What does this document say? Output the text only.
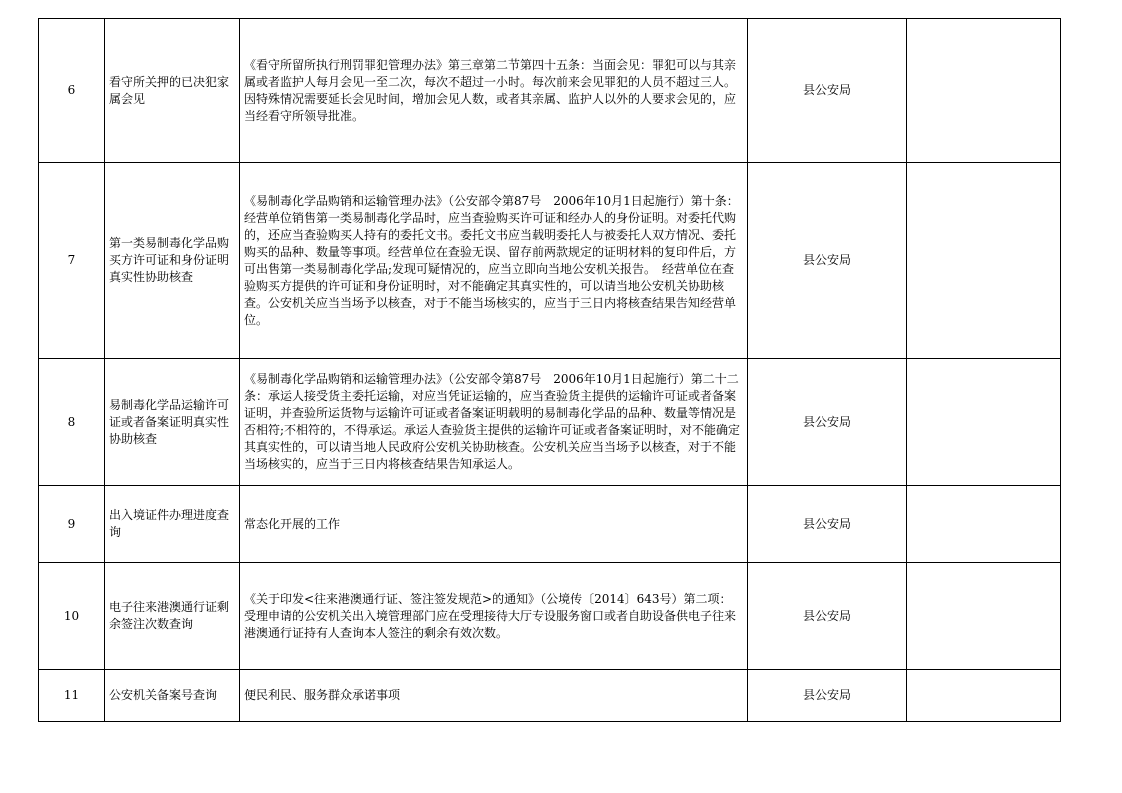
6	看守所关押的已决犯家属会见	《看守所留所执行刑罚罪犯管理办法》第三章第二节第四十五条：当面会见：罪犯可以与其亲属或者监护人每月会见一至二次，每次不超过一小时。每次前来会见罪犯的人员不超过三人。因特殊情况需要延长会见时间，增加会见人数，或者其亲属、监护人以外的人要求会见的，应当经看守所领导批准。	县公安局	
7	第一类易制毒化学品购买方许可证和身份证明真实性协助核查	《易制毒化学品购销和运输管理办法》（公安部令第87号　2006年10月1日起施行）第十条：经营单位销售第一类易制毒化学品时，应当查验购买许可证和经办人的身份证明。对委托代购的，还应当查验购买人持有的委托文书。委托文书应当载明委托人与被委托人双方情况、委托购买的品种、数量等事项。经营单位在查验无误、留存前两款规定的证明材料的复印件后，方可出售第一类易制毒化学品;发现可疑情况的，应当立即向当地公安机关报告。　经营单位在查验购买方提供的许可证和身份证明时，对不能确定其真实性的，可以请当地公安机关协助核查。公安机关应当当场予以核查，对于不能当场核实的，应当于三日内将核查结果告知经营单位。	县公安局	
8	易制毒化学品运输许可证或者备案证明真实性协助核查	《易制毒化学品购销和运输管理办法》（公安部令第87号　2006年10月1日起施行）第二十二条：承运人接受货主委托运输，对应当凭证运输的，应当查验货主提供的运输许可证或者备案证明，并查验所运货物与运输许可证或者备案证明载明的易制毒化学品的品种、数量等情况是否相符;不相符的，不得承运。承运人查验货主提供的运输许可证或者备案证明时，对不能确定其真实性的，可以请当地人民政府公安机关协助核查。公安机关应当当场予以核查，对于不能当场核实的，应当于三日内将核查结果告知承运人。	县公安局	
9	出入境证件办理进度查询	常态化开展的工作	县公安局	
10	电子往来港澳通行证剩余签注次数查询	《关于印发<往来港澳通行证、签注签发规范>的通知》（公境传〔2014〕643号）第二项：受理申请的公安机关出入境管理部门应在受理接待大厅专设服务窗口或者自助设备供电子往来港澳通行证持有人查询本人签注的剩余有效次数。	县公安局	
11	公安机关备案号查询	便民利民、服务群众承诺事项	县公安局	
